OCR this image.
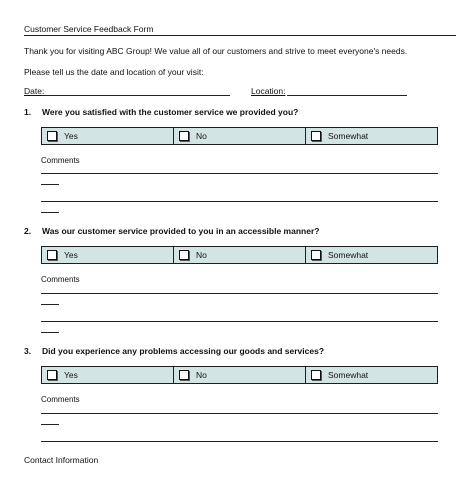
Customer Service Feedback Form
Thank you for visiting ABC Group! We value all of our customers and strive to meet everyone's needs.
Please tell us the date and location of your visit:
Date:	Location:
1. Were you satisfied with the customer service we provided you?
Yes	No	Somewhat
Comments
2. Was our customer service provided to you in an accessible manner?
Yes	No	Somewhat
Comments
3. Did you experience any problems accessing our goods and services?
Yes	No	Somewhat
Comments
Contact Information
